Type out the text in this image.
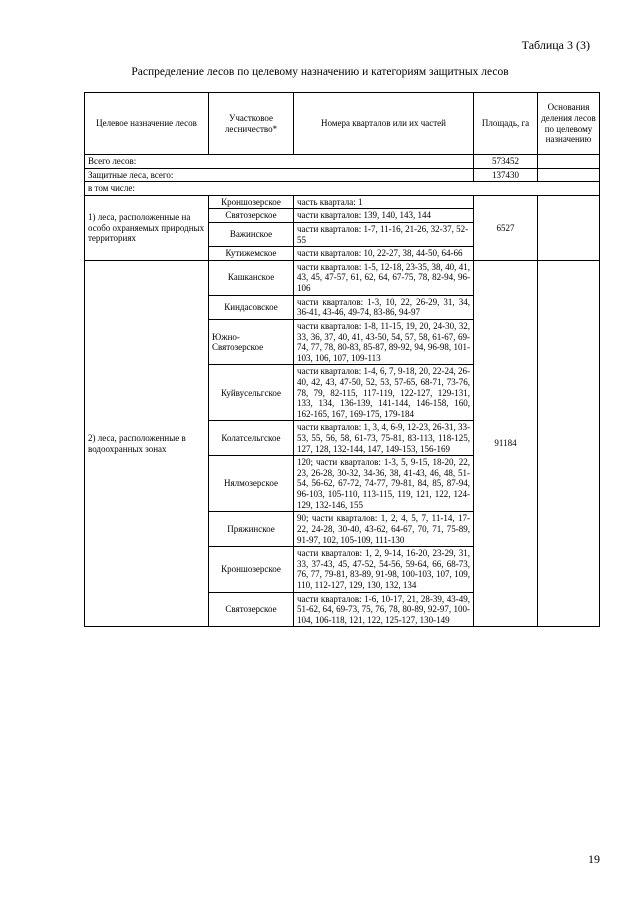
Таблица 3 (3)
Распределение лесов по целевому назначению и категориям защитных лесов
Целевое назначение лесов	Участковое лесничество*	Номера кварталов или их частей	Площадь, га	Основания деления лесов по целевому назначению
Всего лесов:			573452	
Защитные леса, всего:			137430	
в том числе:				
1) леса, расположенные на особо охраняемых природных территориях	Кроншозерское	часть квартала: 1	6527	
	Святозерское	части кварталов: 139, 140, 143, 144		
	Важинское	части кварталов: 1-7, 11-16, 21-26, 32-37, 52-55		
	Кутижемское	части кварталов: 10, 22-27, 38, 44-50, 64-66		
2) леса, расположенные в водоохранных зонах	Кашканское	части кварталов: 1-5, 12-18, 23-35, 38, 40, 41, 43, 45, 47-57, 61, 62, 64, 67-75, 78, 82-94, 96-106	91184	
	Киндасовское	части кварталов: 1-3, 10, 22, 26-29, 31, 34, 36-41, 43-46, 49-74, 83-86, 94-97		
	Южно-Святозерское	части кварталов: 1-8, 11-15, 19, 20, 24-30, 32, 33, 36, 37, 40, 41, 43-50, 54, 57, 58, 61-67, 69-74, 77, 78, 80-83, 85-87, 89-92, 94, 96-98, 101-103, 106, 107, 109-113		
	Куйвусельгское	части кварталов: 1-4, 6, 7, 9-18, 20, 22-24, 26-40, 42, 43, 47-50, 52, 53, 57-65, 68-71, 73-76, 78, 79, 82-115, 117-119, 122-127, 129-131, 133, 134, 136-139, 141-144, 146-158, 160, 162-165, 167, 169-175, 179-184		
	Колатсельгское	части кварталов: 1, 3, 4, 6-9, 12-23, 26-31, 33-53, 55, 56, 58, 61-73, 75-81, 83-113, 118-125, 127, 128, 132-144, 147, 149-153, 156-169		
	Нялмозерское	120; части кварталов: 1-3, 5, 9-15, 18-20, 22, 23, 26-28, 30-32, 34-36, 38, 41-43, 46, 48, 51-54, 56-62, 67-72, 74-77, 79-81, 84, 85, 87-94, 96-103, 105-110, 113-115, 119, 121, 122, 124-129, 132-146, 155		
	Пряжинское	90; части кварталов: 1, 2, 4, 5, 7, 11-14, 17-22, 24-28, 30-40, 43-62, 64-67, 70, 71, 75-89, 91-97, 102, 105-109, 111-130		
	Кроншозерское	части кварталов: 1, 2, 9-14, 16-20, 23-29, 31, 33, 37-43, 45, 47-52, 54-56, 59-64, 66, 68-73, 76, 77, 79-81, 83-89, 91-98, 100-103, 107, 109, 110, 112-127, 129, 130, 132, 134		
	Святозерское	части кварталов: 1-6, 10-17, 21, 28-39, 43-49, 51-62, 64, 69-73, 75, 76, 78, 80-89, 92-97, 100-104, 106-118, 121, 122, 125-127, 130-149		
19
